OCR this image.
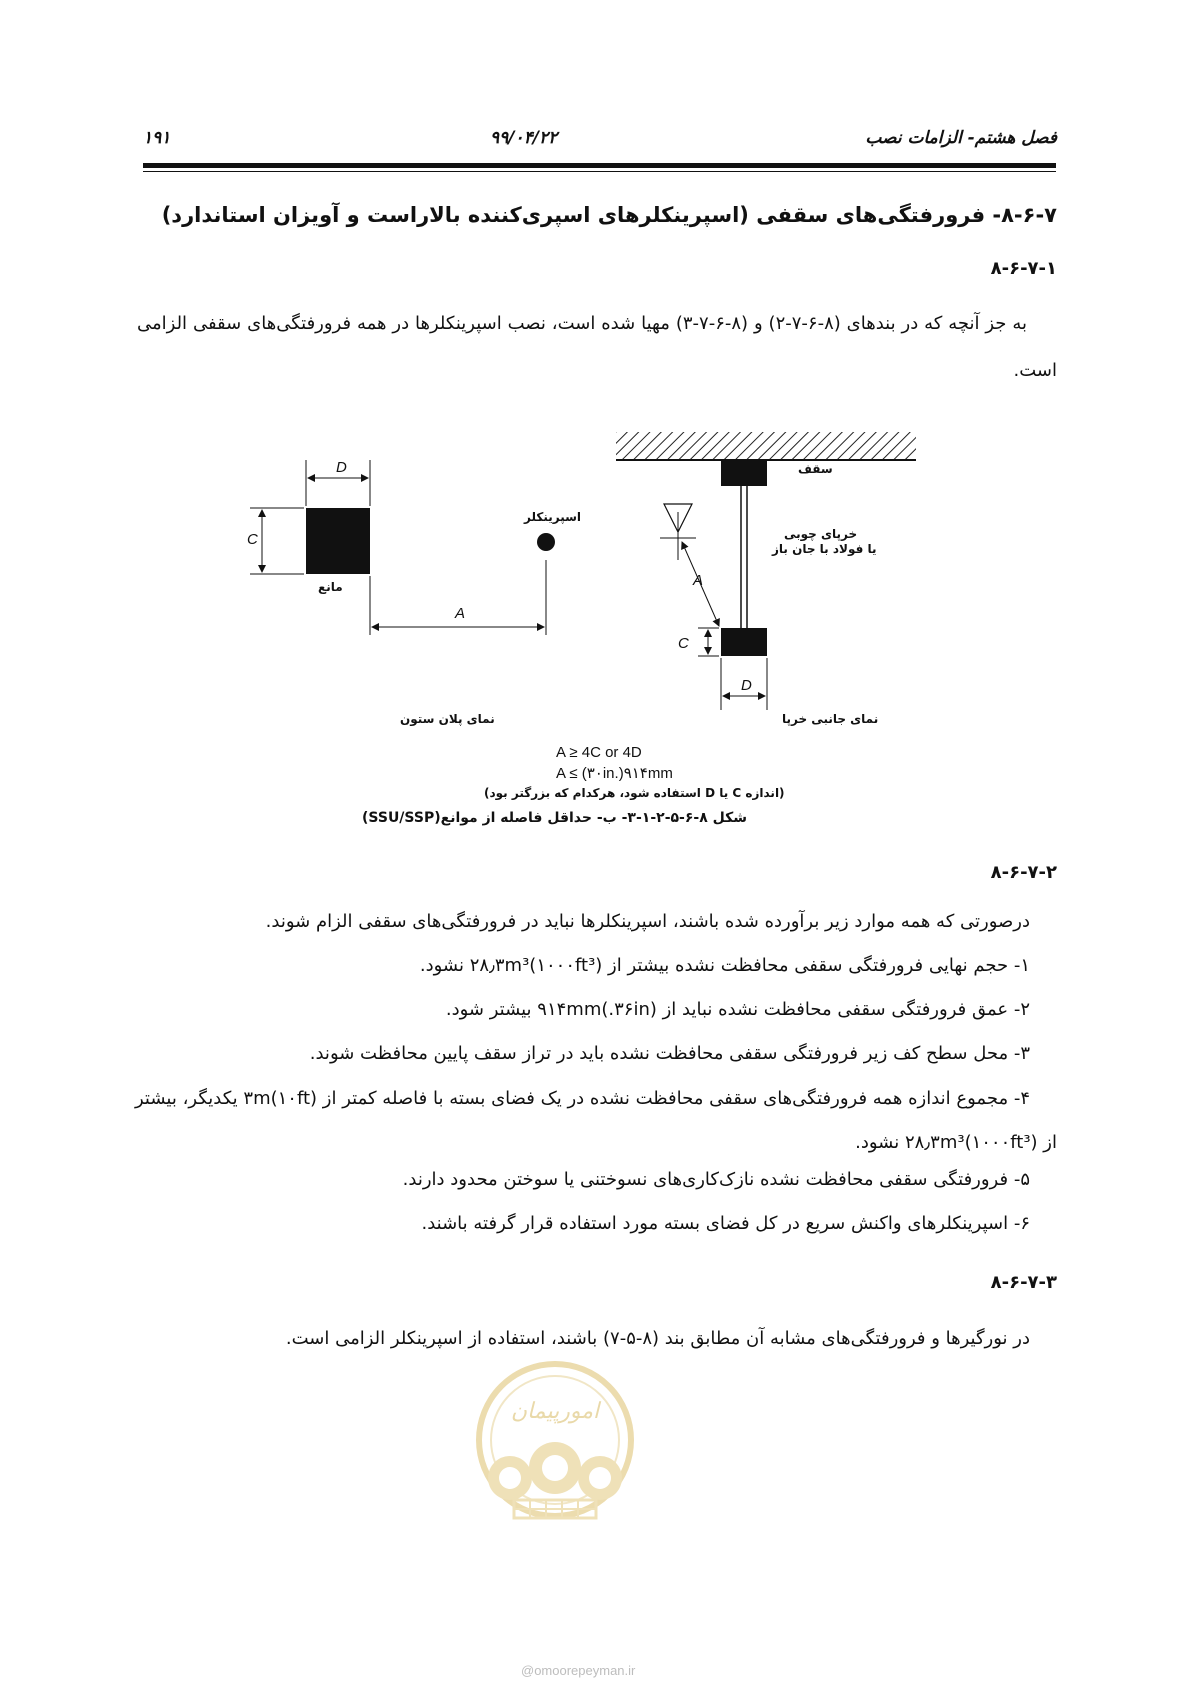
۱۹۱	۹۹/۰۴/۲۲	فصل هشتم- الزامات نصب
۸-۶-۷- فرورفتگی‌های سقفی (اسپرینکلرهای اسپری‌کننده بالاراست و آویزان استاندارد)
۸-۶-۷-۱
به جز آنچه که در بندهای (۸-۶-۷-۲) و (۸-۶-۷-۳) مهیا شده است، نصب اسپرینکلرها در همه فرورفتگی‌های سقفی الزامی است.
D
C
A
مانع
اسپرینکلر
نمای پلان ستون
سقف
خرپای چوبی
یا فولاد با جان باز
A
C
D
نمای جانبی خرپا
A ≥ 4C or 4D
A ≤ (۳۰in.)۹۱۴mm
(اندازه C یا D استفاده شود، هرکدام که بزرگتر بود)
شکل ۸-۶-۵-۲-۱-۳- ب- حداقل فاصله از موانع(SSU/SSP)
۸-۶-۷-۲
درصورتی که همه موارد زیر برآورده شده باشند، اسپرینکلرها نباید در فرورفتگی‌های سقفی الزام شوند.
۱- حجم نهایی فرورفتگی سقفی محافظت نشده بیشتر از ۲۸٫۳m³(۱۰۰۰ft³) نشود.
۲- عمق فرورفتگی سقفی محافظت نشده نباید از ۹۱۴mm(.۳۶in) بیشتر شود.
۳- محل سطح کف زیر فرورفتگی سقفی محافظت نشده باید در تراز سقف پایین محافظت شوند.
۴- مجموع اندازه همه فرورفتگی‌های سقفی محافظت نشده در یک فضای بسته با فاصله کمتر از ۳m(۱۰ft) یکدیگر، بیشتر از ۲۸٫۳m³(۱۰۰۰ft³) نشود.
۵- فرورفتگی سقفی محافظت نشده نازک‌کاری‌های نسوختنی یا سوختن محدود دارند.
۶- اسپرینکلرهای واکنش سریع در کل فضای بسته مورد استفاده قرار گرفته باشند.
۸-۶-۷-۳
در نورگیرها و فرورفتگی‌های مشابه آن مطابق بند (۸-۵-۷) باشند، استفاده از اسپرینکلر الزامی است.
امورپیمان
@omoorepeyman.ir
